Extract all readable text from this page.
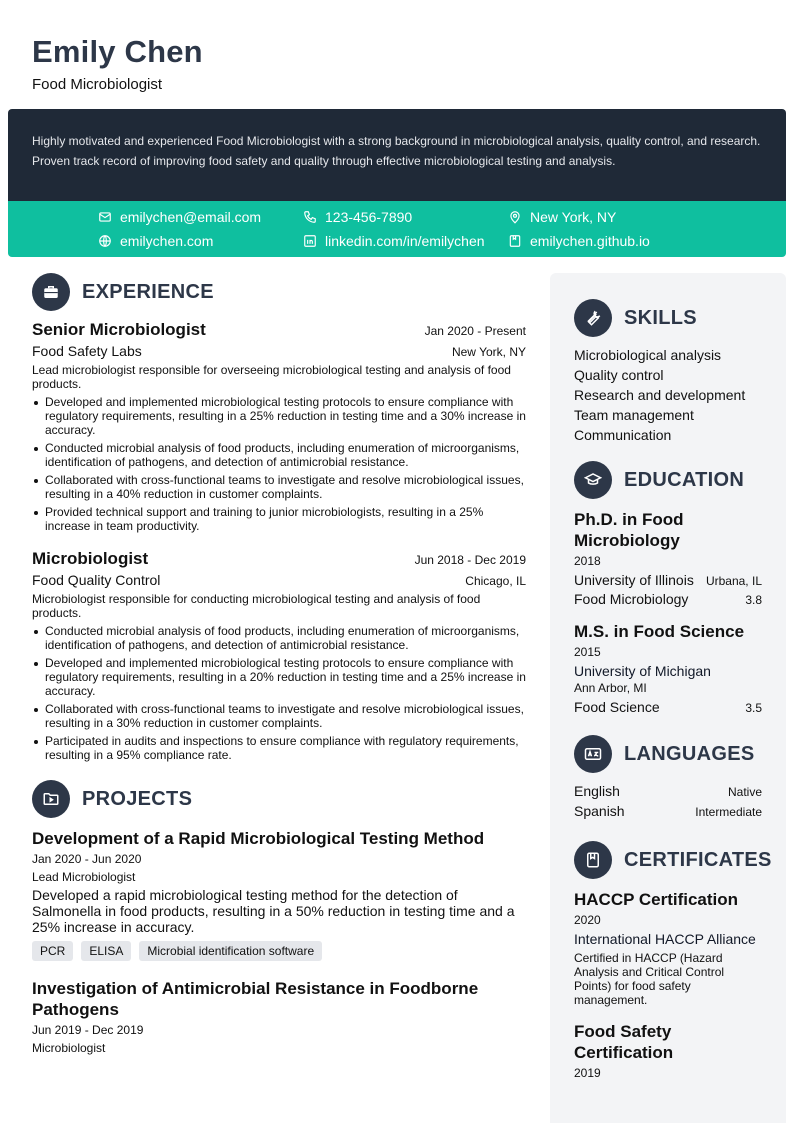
Emily Chen
Food Microbiologist
Highly motivated and experienced Food Microbiologist with a strong background in microbiological analysis, quality control, and research. Proven track record of improving food safety and quality through effective microbiological testing and analysis.
emilychen@email.com	123-456-7890	New York, NY
emilychen.com	linkedin.com/in/emilychen	emilychen.github.io
EXPERIENCE
Senior Microbiologist	Jan 2020 - Present
Food Safety Labs	New York, NY
Lead microbiologist responsible for overseeing microbiological testing and analysis of food products.
Developed and implemented microbiological testing protocols to ensure compliance with regulatory requirements, resulting in a 25% reduction in testing time and a 30% increase in accuracy.
Conducted microbial analysis of food products, including enumeration of microorganisms, identification of pathogens, and detection of antimicrobial resistance.
Collaborated with cross-functional teams to investigate and resolve microbiological issues, resulting in a 40% reduction in customer complaints.
Provided technical support and training to junior microbiologists, resulting in a 25% increase in team productivity.
Microbiologist	Jun 2018 - Dec 2019
Food Quality Control	Chicago, IL
Microbiologist responsible for conducting microbiological testing and analysis of food products.
Conducted microbial analysis of food products, including enumeration of microorganisms, identification of pathogens, and detection of antimicrobial resistance.
Developed and implemented microbiological testing protocols to ensure compliance with regulatory requirements, resulting in a 20% reduction in testing time and a 25% increase in accuracy.
Collaborated with cross-functional teams to investigate and resolve microbiological issues, resulting in a 30% reduction in customer complaints.
Participated in audits and inspections to ensure compliance with regulatory requirements, resulting in a 95% compliance rate.
PROJECTS
Development of a Rapid Microbiological Testing Method
Jan 2020 - Jun 2020
Lead Microbiologist
Developed a rapid microbiological testing method for the detection of Salmonella in food products, resulting in a 50% reduction in testing time and a 25% increase in accuracy.
PCR	ELISA	Microbial identification software
Investigation of Antimicrobial Resistance in Foodborne Pathogens
Jun 2019 - Dec 2019
Microbiologist
SKILLS
Microbiological analysis
Quality control
Research and development
Team management
Communication
EDUCATION
Ph.D. in Food Microbiology
2018
University of Illinois Urbana, IL
Food Microbiology	3.8
M.S. in Food Science
2015
University of Michigan
Ann Arbor, MI
Food Science	3.5
LANGUAGES
English	Native
Spanish	Intermediate
CERTIFICATES
HACCP Certification
2020
International HACCP Alliance
Certified in HACCP (Hazard Analysis and Critical Control Points) for food safety management.
Food Safety Certification
2019
